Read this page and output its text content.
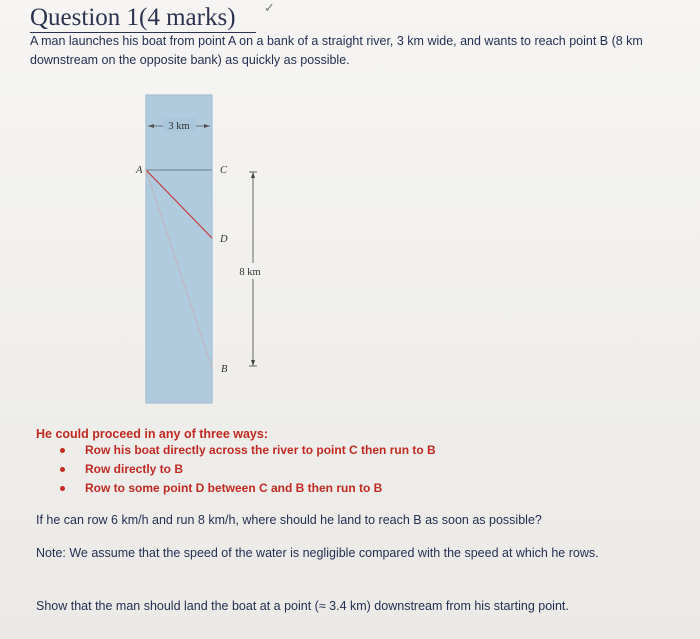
Question 1(4 marks) ✓
A man launches his boat from point A on a bank of a straight river, 3 km wide, and wants to reach point B (8 km downstream on the opposite bank) as quickly as possible.
3 km
A	C
D
B
8 km
He could proceed in any of three ways:
Row his boat directly across the river to point C then run to B
Row directly to B
Row to some point D between C and B then run to B
If he can row 6 km/h and run 8 km/h, where should he land to reach B as soon as possible?
Note: We assume that the speed of the water is negligible compared with the speed at which he rows.
Show that the man should land the boat at a point (≈ 3.4 km) downstream from his starting point.
